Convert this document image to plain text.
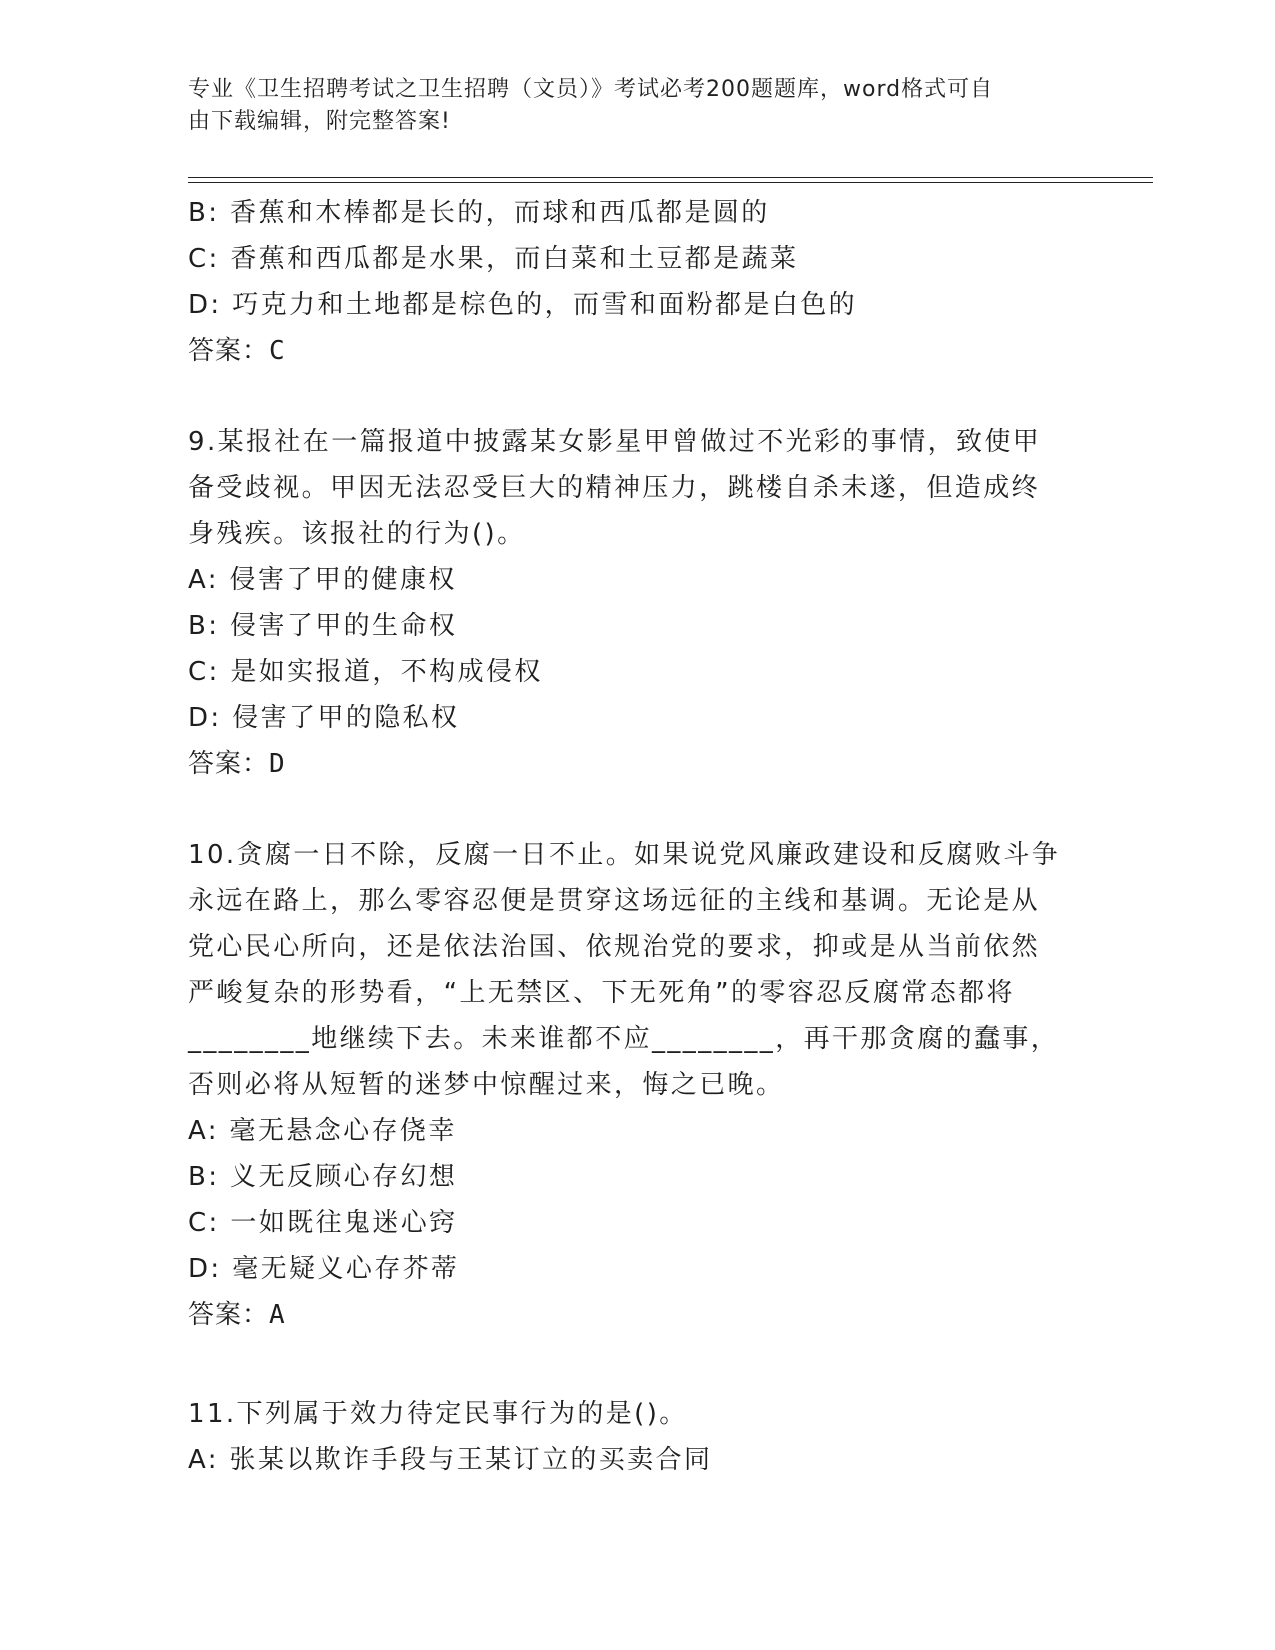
专业《卫生招聘考试之卫生招聘（文员）》考试必考200题题库，word格式可自
由下载编辑，附完整答案!
B: 香蕉和木棒都是长的，而球和西瓜都是圆的
C: 香蕉和西瓜都是水果，而白菜和土豆都是蔬菜
D: 巧克力和土地都是棕色的，而雪和面粉都是白色的
答案：C
9.某报社在一篇报道中披露某女影星甲曾做过不光彩的事情，致使甲
备受歧视。甲因无法忍受巨大的精神压力，跳楼自杀未遂，但造成终
身残疾。该报社的行为()。
A: 侵害了甲的健康权
B: 侵害了甲的生命权
C: 是如实报道，不构成侵权
D: 侵害了甲的隐私权
答案：D
10.贪腐一日不除，反腐一日不止。如果说党风廉政建设和反腐败斗争
永远在路上，那么零容忍便是贯穿这场远征的主线和基调。无论是从
党心民心所向，还是依法治国、依规治党的要求，抑或是从当前依然
严峻复杂的形势看，“上无禁区、下无死角”的零容忍反腐常态都将
________地继续下去。未来谁都不应________，再干那贪腐的蠢事，
否则必将从短暂的迷梦中惊醒过来，悔之已晚。
A: 毫无悬念心存侥幸
B: 义无反顾心存幻想
C: 一如既往鬼迷心窍
D: 毫无疑义心存芥蒂
答案：A
11.下列属于效力待定民事行为的是()。
A: 张某以欺诈手段与王某订立的买卖合同
